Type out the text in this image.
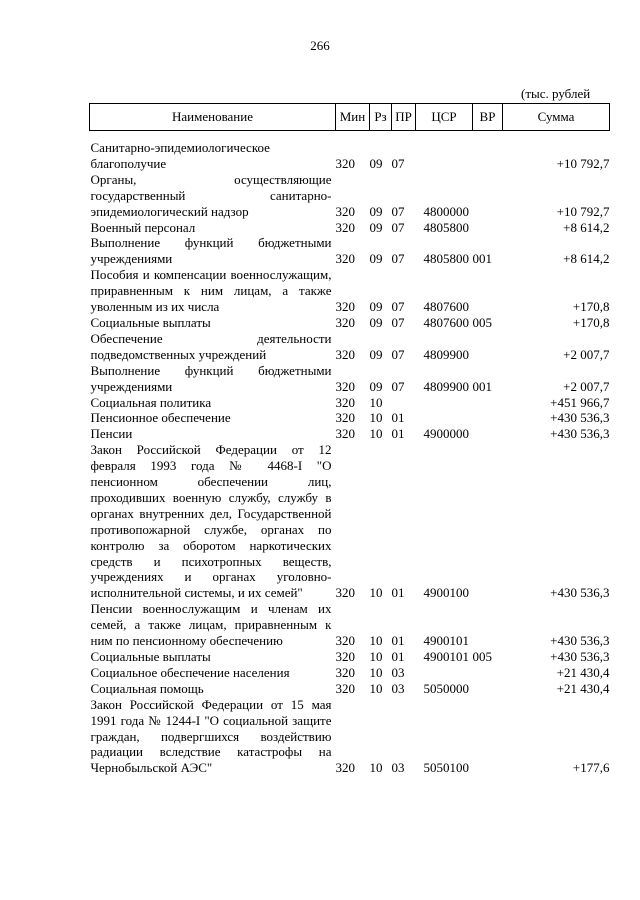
266
(тыс. рублей
Наименование	Мин	Рз	ПР	ЦСР	ВР	Сумма
Санитарно-эпидемиологическое благополучие	320	09	07			+10 792,7
Органы, осуществляющие государственный санитарно-эпидемиологический надзор	320	09	07	4800000		+10 792,7
Военный персонал	320	09	07	4805800		+8 614,2
Выполнение функций бюджетными учреждениями	320	09	07	4805800	001	+8 614,2
Пособия и компенсации военнослужащим, приравненным к ним лицам, а также уволенным из их числа	320	09	07	4807600		+170,8
Социальные выплаты	320	09	07	4807600	005	+170,8
Обеспечение деятельности подведомственных учреждений	320	09	07	4809900		+2 007,7
Выполнение функций бюджетными учреждениями	320	09	07	4809900	001	+2 007,7
Социальная политика	320	10				+451 966,7
Пенсионное обеспечение	320	10	01			+430 536,3
Пенсии	320	10	01	4900000		+430 536,3
Закон Российской Федерации от 12 февраля 1993 года № 4468-I "О пенсионном обеспечении лиц, проходивших военную службу, службу в органах внутренних дел, Государственной противопожарной службе, органах по контролю за оборотом наркотических средств и психотропных веществ, учреждениях и органах уголовно-исполнительной системы, и их семей"	320	10	01	4900100		+430 536,3
Пенсии военнослужащим и членам их семей, а также лицам, приравненным к ним по пенсионному обеспечению	320	10	01	4900101		+430 536,3
Социальные выплаты	320	10	01	4900101	005	+430 536,3
Социальное обеспечение населения	320	10	03			+21 430,4
Социальная помощь	320	10	03	5050000		+21 430,4
Закон Российской Федерации от 15 мая 1991 года № 1244-I "О социальной защите граждан, подвергшихся воздействию радиации вследствие катастрофы на Чернобыльской АЭС"	320	10	03	5050100		+177,6
